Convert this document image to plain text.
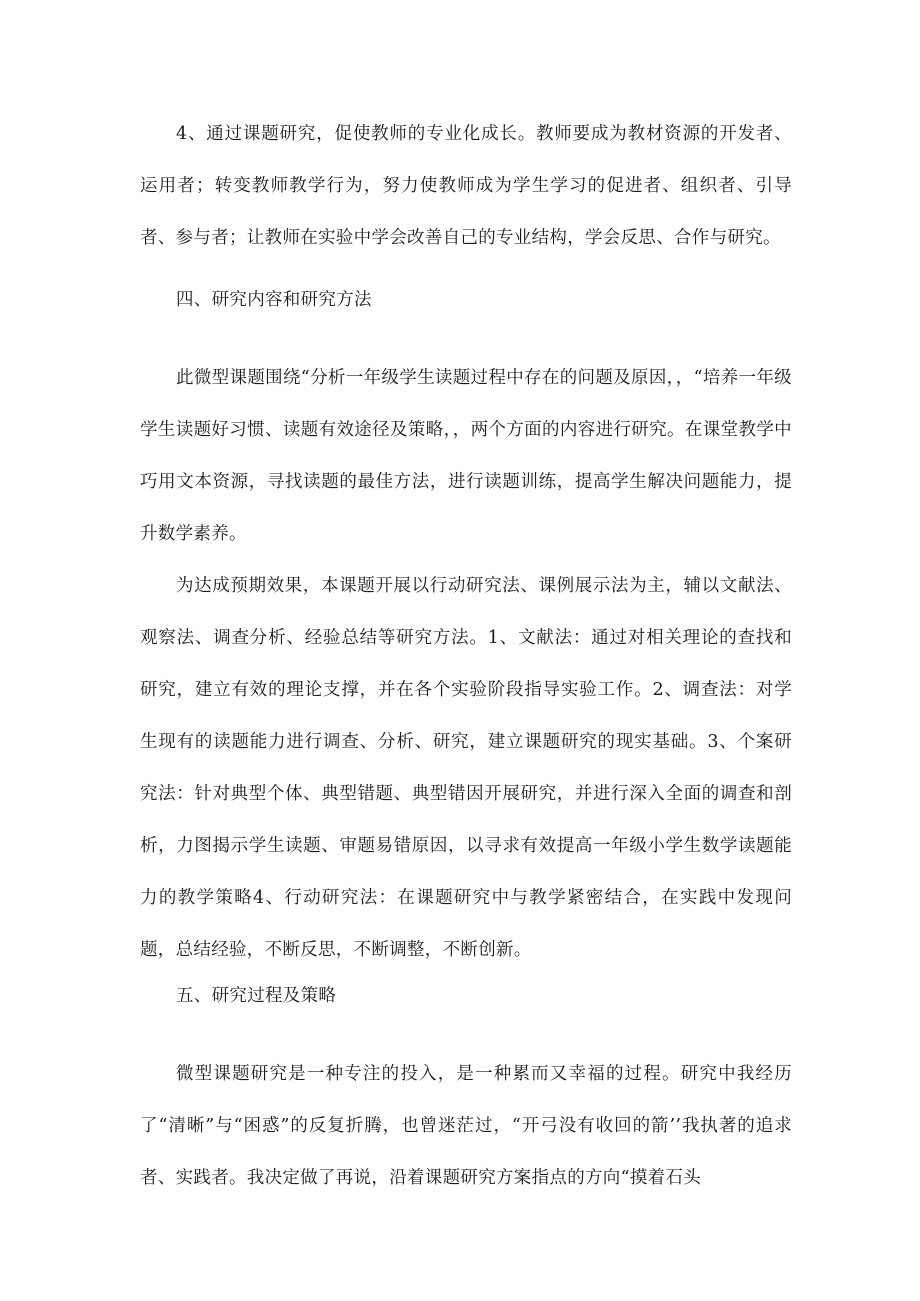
4、通过课题研究，促使教师的专业化成长。教师要成为教材资源的开发者、运用者；转变教师教学行为，努力使教师成为学生学习的促进者、组织者、引导者、参与者；让教师在实验中学会改善自己的专业结构，学会反思、合作与研究。

四、研究内容和研究方法

此微型课题围绕“分析一年级学生读题过程中存在的问题及原因，，“培养一年级学生读题好习惯、读题有效途径及策略，，两个方面的内容进行研究。在课堂教学中巧用文本资源，寻找读题的最佳方法，进行读题训练，提高学生解决问题能力，提升数学素养。

为达成预期效果，本课题开展以行动研究法、课例展示法为主，辅以文献法、观察法、调查分析、经验总结等研究方法。1、文献法：通过对相关理论的查找和研究，建立有效的理论支撑，并在各个实验阶段指导实验工作。2、调查法：对学生现有的读题能力进行调查、分析、研究，建立课题研究的现实基础。3、个案研究法：针对典型个体、典型错题、典型错因开展研究，并进行深入全面的调查和剖析，力图揭示学生读题、审题易错原因，以寻求有效提高一年级小学生数学读题能力的教学策略4、行动研究法：在课题研究中与教学紧密结合，在实践中发现问题，总结经验，不断反思，不断调整，不断创新。

五、研究过程及策略

微型课题研究是一种专注的投入，是一种累而又幸福的过程。研究中我经历了“清晰”与“困惑”的反复折腾，也曾迷茫过，“开弓没有收回的箭’’我执著的追求者、实践者。我决定做了再说，沿着课题研究方案指点的方向“摸着石头
